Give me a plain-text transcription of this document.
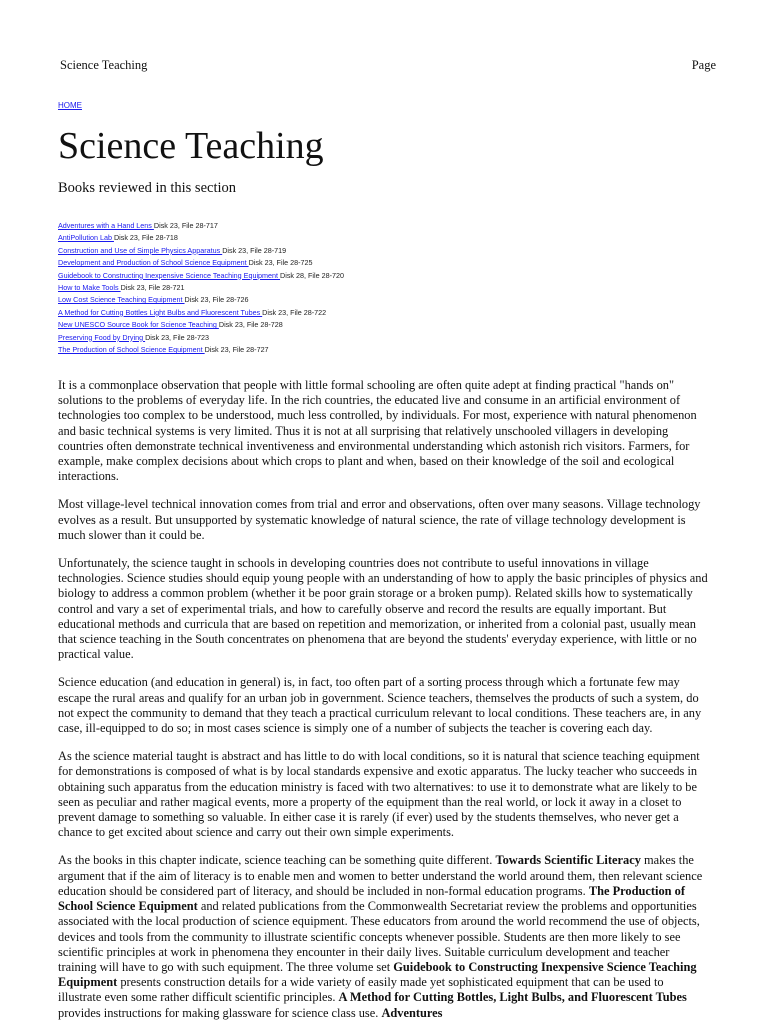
Science Teaching	Page
HOME
Science Teaching
Books reviewed in this section
Adventures with a Hand Lens Disk 23, File 28-717
AntiPollution Lab Disk 23, File 28-718
Construction and Use of Simple Physics Apparatus Disk 23, File 28-719
Development and Production of School Science Equipment Disk 23, File 28-725
Guidebook to Constructing Inexpensive Science Teaching Equipment Disk 28, File 28-720
How to Make Tools Disk 23, File 28-721
Low Cost Science Teaching Equipment Disk 23, File 28-726
A Method for Cutting Bottles Light Bulbs and Fluorescent Tubes Disk 23, File 28-722
New UNESCO Source Book for Science Teaching Disk 23, File 28-728
Preserving Food by Drying Disk 23, File 28-723
The Production of School Science Equipment Disk 23, File 28-727

It is a commonplace observation that people with little formal schooling are often quite adept at finding practical "hands on" solutions to the problems of everyday life. In the rich countries, the educated live and consume in an artificial environment of technologies too complex to be understood, much less controlled, by individuals. For most, experience with natural phenomenon and basic technical systems is very limited. Thus it is not at all surprising that relatively unschooled villagers in developing countries often demonstrate technical inventiveness and environmental understanding which astonish rich visitors. Farmers, for example, make complex decisions about which crops to plant and when, based on their knowledge of the soil and ecological interactions.

Most village-level technical innovation comes from trial and error and observations, often over many seasons. Village technology evolves as a result. But unsupported by systematic knowledge of natural science, the rate of village technology development is much slower than it could be.

Unfortunately, the science taught in schools in developing countries does not contribute to useful innovations in village technologies. Science studies should equip young people with an understanding of how to apply the basic principles of physics and biology to address a common problem (whether it be poor grain storage or a broken pump). Related skills how to systematically control and vary a set of experimental trials, and how to carefully observe and record the results are equally important. But educational methods and curricula that are based on repetition and memorization, or inherited from a colonial past, usually mean that science teaching in the South concentrates on phenomena that are beyond the students' everyday experience, with little or no practical value.

Science education (and education in general) is, in fact, too often part of a sorting process through which a fortunate few may escape the rural areas and qualify for an urban job in government. Science teachers, themselves the products of such a system, do not expect the community to demand that they teach a practical curriculum relevant to local conditions. These teachers are, in any case, ill-equipped to do so; in most cases science is simply one of a number of subjects the teacher is covering each day.

As the science material taught is abstract and has little to do with local conditions, so it is natural that science teaching equipment for demonstrations is composed of what is by local standards expensive and exotic apparatus. The lucky teacher who succeeds in obtaining such apparatus from the education ministry is faced with two alternatives: to use it to demonstrate what are likely to be seen as peculiar and rather magical events, more a property of the equipment than the real world, or lock it away in a closet to prevent damage to something so valuable. In either case it is rarely (if ever) used by the students themselves, who never get a chance to get excited about science and carry out their own simple experiments.

As the books in this chapter indicate, science teaching can be something quite different. Towards Scientific Literacy makes the argument that if the aim of literacy is to enable men and women to better understand the world around them, then relevant science education should be considered part of literacy, and should be included in non-formal education programs. The Production of School Science Equipment and related publications from the Commonwealth Secretariat review the problems and opportunities associated with the local production of science equipment. These educators from around the world recommend the use of objects, devices and tools from the community to illustrate scientific concepts whenever possible. Students are then more likely to see scientific principles at work in phenomena they encounter in their daily lives. Suitable curriculum development and teacher training will have to go with such equipment. The three volume set Guidebook to Constructing Inexpensive Science Teaching Equipment presents construction details for a wide variety of easily made yet sophisticated equipment that can be used to illustrate even some rather difficult scientific principles. A Method for Cutting Bottles, Light Bulbs, and Fluorescent Tubes provides instructions for making glassware for science class use. Adventures
